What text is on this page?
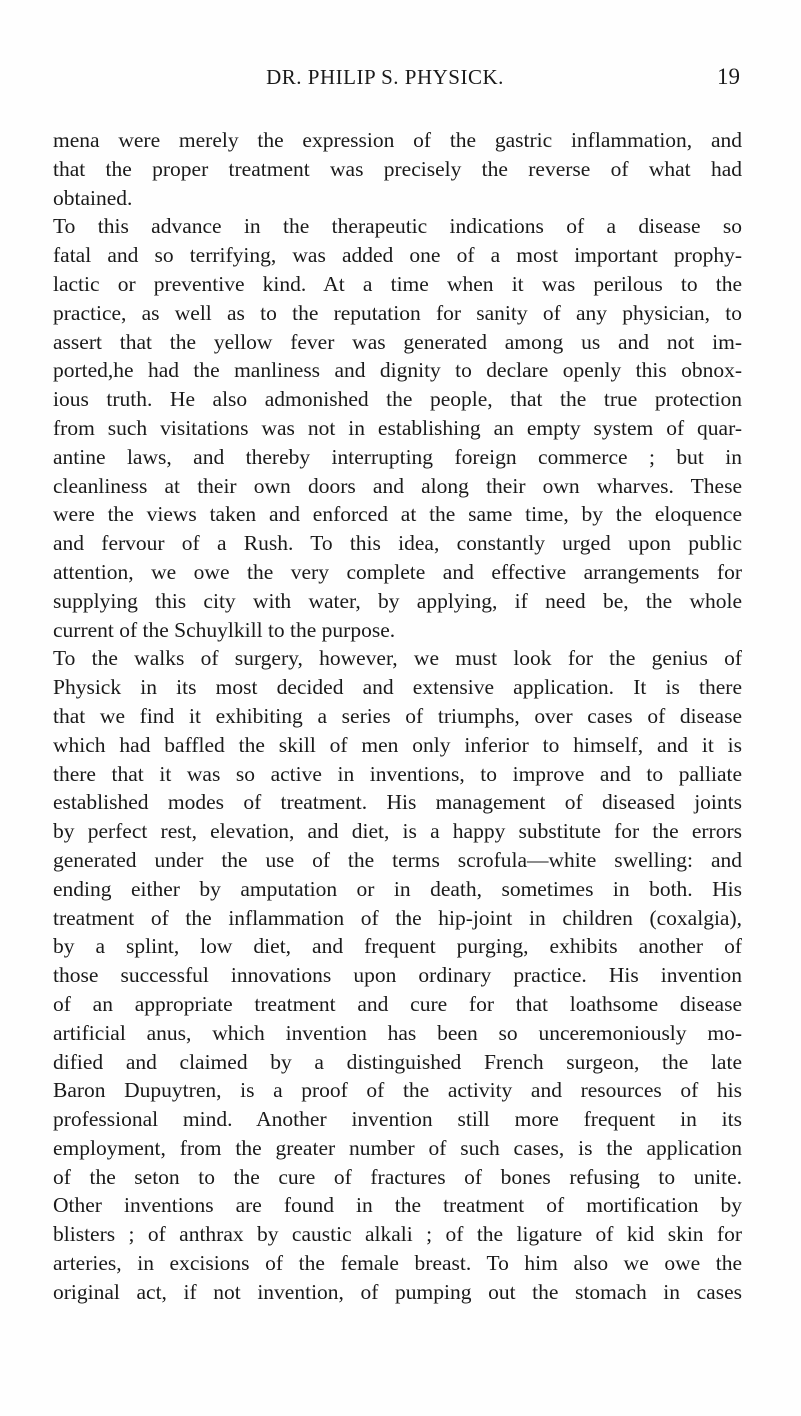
DR. PHILIP S. PHYSICK.	19
mena were merely the expression of the gastric inflammation, and
that the proper treatment was precisely the reverse of what had
obtained.
To this advance in the therapeutic indications of a disease so
fatal and so terrifying, was added one of a most important prophy-
lactic or preventive kind. At a time when it was perilous to the
practice, as well as to the reputation for sanity of any physician, to
assert that the yellow fever was generated among us and not im-
ported,he had the manliness and dignity to declare openly this obnox-
ious truth. He also admonished the people, that the true protection
from such visitations was not in establishing an empty system of quar-
antine laws, and thereby interrupting foreign commerce ; but in
cleanliness at their own doors and along their own wharves. These
were the views taken and enforced at the same time, by the eloquence
and fervour of a Rush. To this idea, constantly urged upon public
attention, we owe the very complete and effective arrangements for
supplying this city with water, by applying, if need be, the whole
current of the Schuylkill to the purpose.
To the walks of surgery, however, we must look for the genius of
Physick in its most decided and extensive application. It is there
that we find it exhibiting a series of triumphs, over cases of disease
which had baffled the skill of men only inferior to himself, and it is
there that it was so active in inventions, to improve and to palliate
established modes of treatment. His management of diseased joints
by perfect rest, elevation, and diet, is a happy substitute for the errors
generated under the use of the terms scrofula—white swelling: and
ending either by amputation or in death, sometimes in both. His
treatment of the inflammation of the hip-joint in children (coxalgia),
by a splint, low diet, and frequent purging, exhibits another of
those successful innovations upon ordinary practice. His invention
of an appropriate treatment and cure for that loathsome disease
artificial anus, which invention has been so unceremoniously mo-
dified and claimed by a distinguished French surgeon, the late
Baron Dupuytren, is a proof of the activity and resources of his
professional mind. Another invention still more frequent in its
employment, from the greater number of such cases, is the application
of the seton to the cure of fractures of bones refusing to unite.
Other inventions are found in the treatment of mortification by
blisters ; of anthrax by caustic alkali ; of the ligature of kid skin for
arteries, in excisions of the female breast. To him also we owe the
original act, if not invention, of pumping out the stomach in cases
